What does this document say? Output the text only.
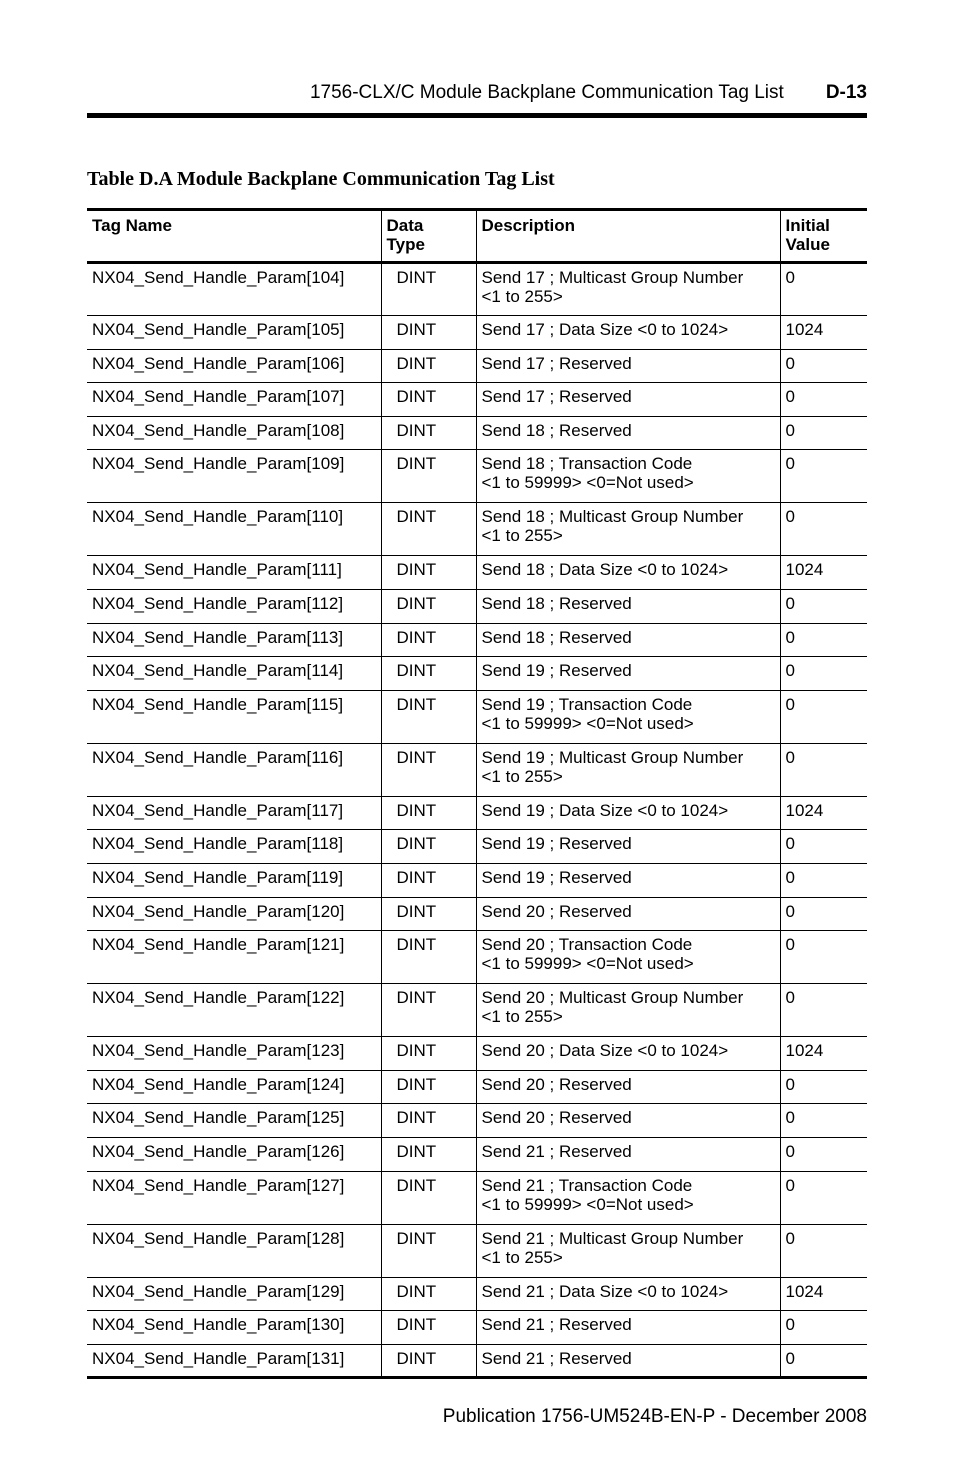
1756-CLX/C Module Backplane Communication Tag List D-13
Table D.A Module Backplane Communication Tag List
Tag Name	Data Type	Description	Initial Value

NX04_Send_Handle_Param[104]	DINT	Send 17 ; Multicast Group Number
<1 to 255>	0
NX04_Send_Handle_Param[105]	DINT	Send 17 ; Data Size <0 to 1024>	1024
NX04_Send_Handle_Param[106]	DINT	Send 17 ; Reserved	0
NX04_Send_Handle_Param[107]	DINT	Send 17 ; Reserved	0
NX04_Send_Handle_Param[108]	DINT	Send 18 ; Reserved	0
NX04_Send_Handle_Param[109]	DINT	Send 18 ; Transaction Code
<1 to 59999> <0=Not used>	0
NX04_Send_Handle_Param[110]	DINT	Send 18 ; Multicast Group Number
<1 to 255>	0
NX04_Send_Handle_Param[111]	DINT	Send 18 ; Data Size <0 to 1024>	1024
NX04_Send_Handle_Param[112]	DINT	Send 18 ; Reserved	0
NX04_Send_Handle_Param[113]	DINT	Send 18 ; Reserved	0
NX04_Send_Handle_Param[114]	DINT	Send 19 ; Reserved	0
NX04_Send_Handle_Param[115]	DINT	Send 19 ; Transaction Code
<1 to 59999> <0=Not used>	0
NX04_Send_Handle_Param[116]	DINT	Send 19 ; Multicast Group Number
<1 to 255>	0
NX04_Send_Handle_Param[117]	DINT	Send 19 ; Data Size <0 to 1024>	1024
NX04_Send_Handle_Param[118]	DINT	Send 19 ; Reserved	0
NX04_Send_Handle_Param[119]	DINT	Send 19 ; Reserved	0
NX04_Send_Handle_Param[120]	DINT	Send 20 ; Reserved	0
NX04_Send_Handle_Param[121]	DINT	Send 20 ; Transaction Code
<1 to 59999> <0=Not used>	0
NX04_Send_Handle_Param[122]	DINT	Send 20 ; Multicast Group Number
<1 to 255>	0
NX04_Send_Handle_Param[123]	DINT	Send 20 ; Data Size <0 to 1024>	1024
NX04_Send_Handle_Param[124]	DINT	Send 20 ; Reserved	0
NX04_Send_Handle_Param[125]	DINT	Send 20 ; Reserved	0
NX04_Send_Handle_Param[126]	DINT	Send 21 ; Reserved	0
NX04_Send_Handle_Param[127]	DINT	Send 21 ; Transaction Code
<1 to 59999> <0=Not used>	0
NX04_Send_Handle_Param[128]	DINT	Send 21 ; Multicast Group Number
<1 to 255>	0
NX04_Send_Handle_Param[129]	DINT	Send 21 ; Data Size <0 to 1024>	1024
NX04_Send_Handle_Param[130]	DINT	Send 21 ; Reserved	0
NX04_Send_Handle_Param[131]	DINT	Send 21 ; Reserved	0
Publication 1756-UM524B-EN-P - December 2008
